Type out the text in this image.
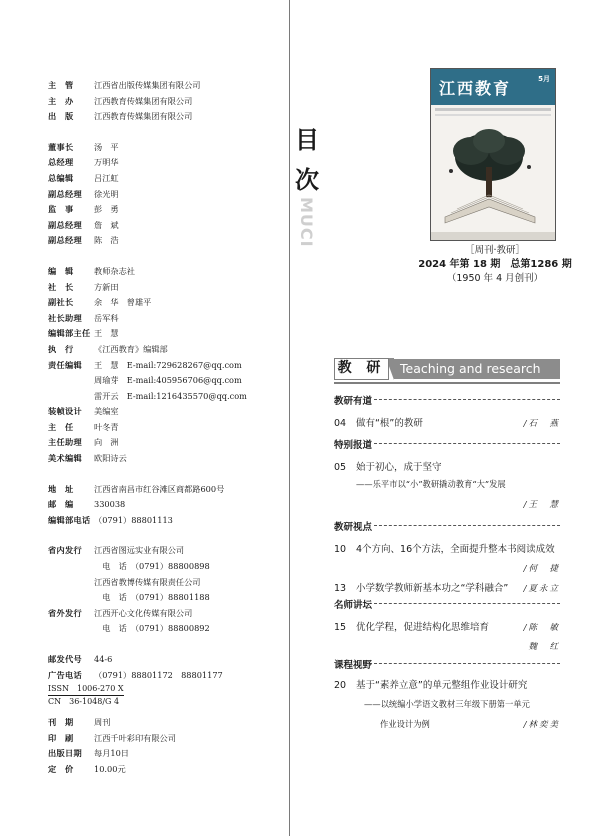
主　管	江西省出版传媒集团有限公司
主　办	江西教育传媒集团有限公司
出　版	江西教育传媒集团有限公司
董事长	汤　平
总经理	万明华
总编辑	吕江虹
副总经理	徐光明
监　事	彭　勇
副总经理	詹　斌
副总经理	陈　浩
编　辑	教师杂志社
社　长	方新田
副社长	余　华　曾雄平
社长助理	岳军科
编辑部主任 王　慧
执　行	《江西教育》编辑部
责任编辑	王　慧　E-mail:729628267@qq.com
周瑜芽　E-mail:405956706@qq.com
雷开云　E-mail:1216435570@qq.com
装帧设计	美编室
主　任	叶冬青
主任助理	向　洲
美术编辑	欧阳诗云
地　址	江西省南昌市红谷滩区商都路600号
邮　编	330038
编辑部电话 （0791）88801113
省内发行	江西省图远实业有限公司
　电　话　（0791）88800898
江西省教博传媒有限责任公司
　电　话　（0791）88801188
省外发行	江西开心文化传媒有限公司
　电　话　（0791）88800892
邮发代号	44-6
广告电话	（0791）88801172　88801177
ISSN　1006-270 X
CN　36-1048/G 4
刊　期	周刊
印　刷	江西千叶彩印有限公司
出版日期	每月10日
定　价	10.00元
目
次
MUCI
江西教育	5月
［周刊·教研］
2024 年第 18 期　总第1286 期
（1950 年 4 月创刊）
Teaching and research
教 研
教研有道
04 做有“根”的教研	/石　燕
特别报道
05 始于初心，成于坚守
——乐平市以“小”教研撬动教育“大”发展
/王　慧
教研视点
10 4个方向、16个方法，全面提升整本书阅读成效
/何　捷
13 小学数学教师新基本功之“学科融合” /夏永立
名师讲坛
15 优化学程，促进结构化思维培育	/陈　敏
魏　红
课程视野
20 基于“素养立意”的单元整组作业设计研究
——以统编小学语文教材三年级下册第一单元
作业设计为例	/林奕美
